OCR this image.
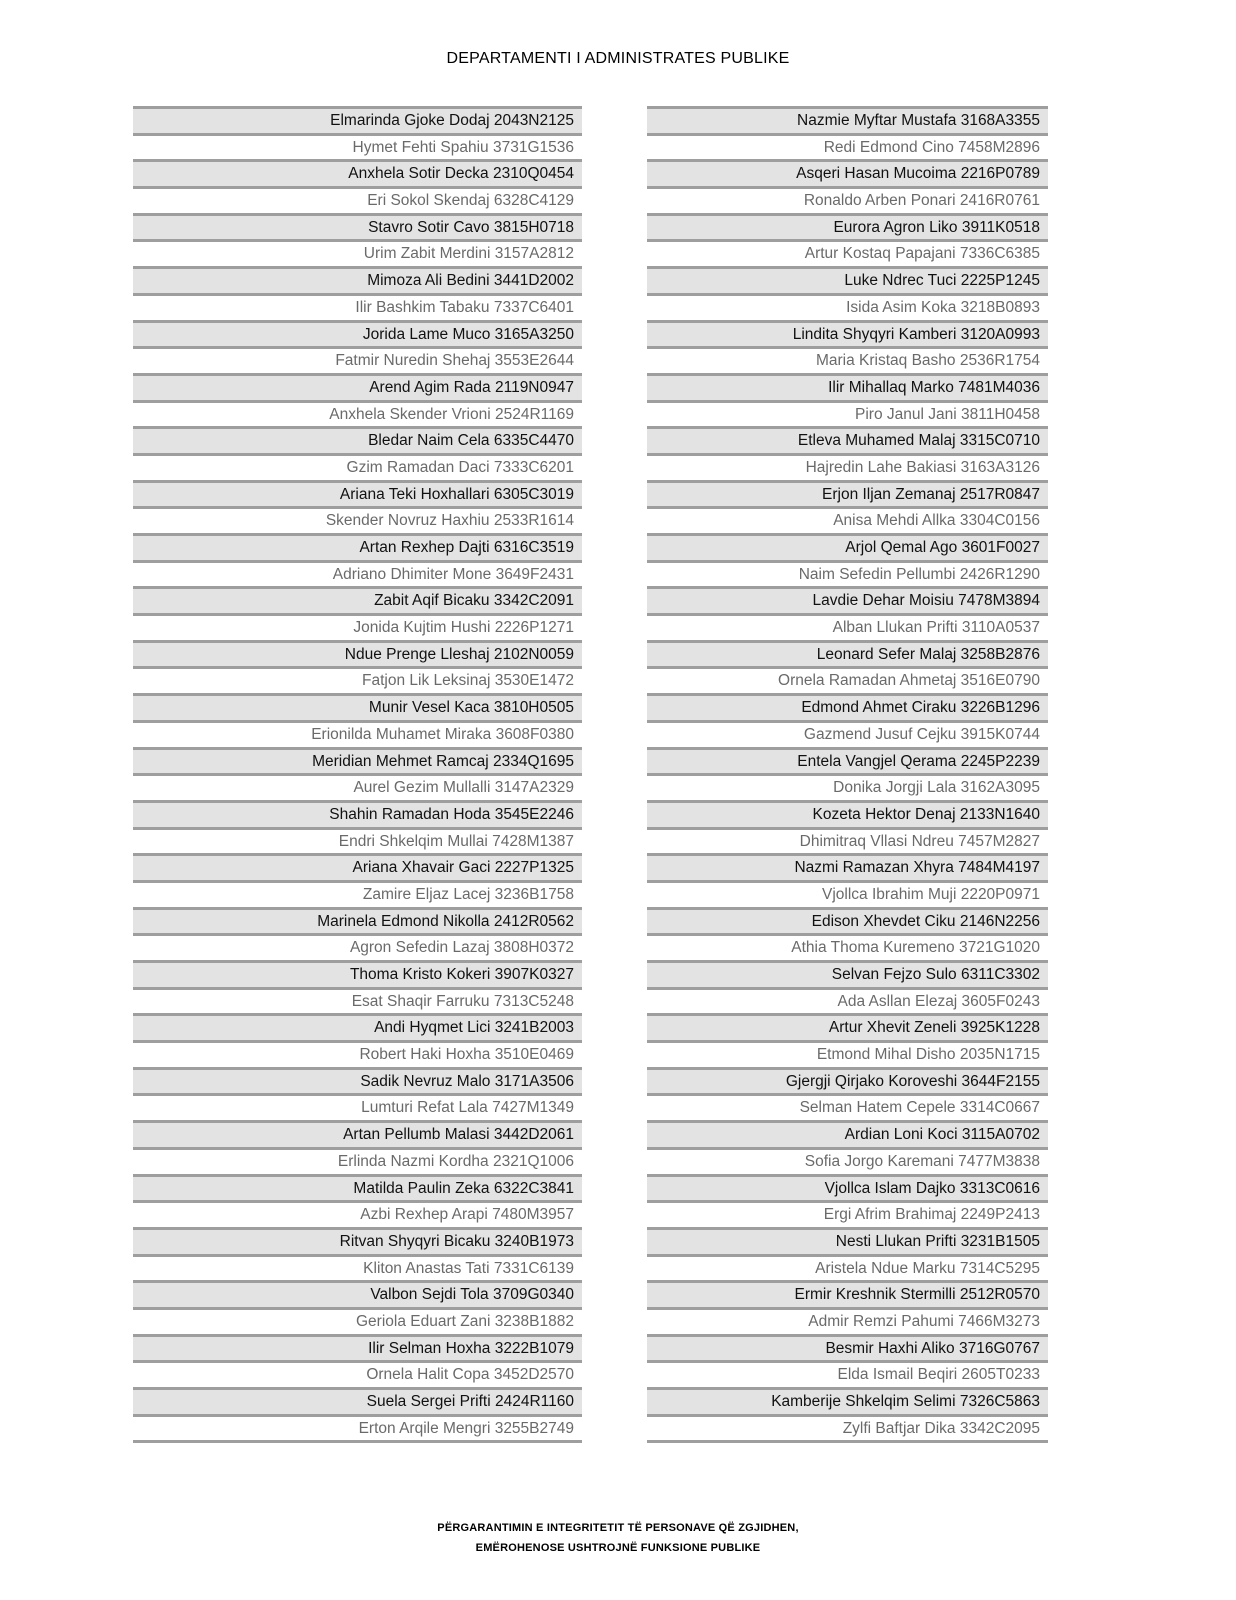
DEPARTAMENTI I ADMINISTRATES PUBLIKE
Elmarinda Gjoke Dodaj 2043N2125
Hymet Fehti Spahiu 3731G1536
Anxhela Sotir Decka 2310Q0454
Eri Sokol Skendaj 6328C4129
Stavro Sotir Cavo 3815H0718
Urim Zabit Merdini 3157A2812
Mimoza Ali Bedini 3441D2002
Ilir Bashkim Tabaku 7337C6401
Jorida Lame Muco 3165A3250
Fatmir Nuredin Shehaj 3553E2644
Arend Agim Rada 2119N0947
Anxhela Skender Vrioni 2524R1169
Bledar Naim Cela 6335C4470
Gzim Ramadan Daci 7333C6201
Ariana Teki Hoxhallari 6305C3019
Skender Novruz Haxhiu 2533R1614
Artan Rexhep Dajti 6316C3519
Adriano Dhimiter Mone 3649F2431
Zabit Aqif Bicaku 3342C2091
Jonida Kujtim Hushi 2226P1271
Ndue Prenge Lleshaj 2102N0059
Fatjon Lik Leksinaj 3530E1472
Munir Vesel Kaca 3810H0505
Erionilda Muhamet Miraka 3608F0380
Meridian Mehmet Ramcaj 2334Q1695
Aurel Gezim Mullalli 3147A2329
Shahin Ramadan Hoda 3545E2246
Endri Shkelqim Mullai 7428M1387
Ariana Xhavair Gaci 2227P1325
Zamire Eljaz Lacej 3236B1758
Marinela Edmond Nikolla 2412R0562
Agron Sefedin Lazaj 3808H0372
Thoma Kristo Kokeri 3907K0327
Esat Shaqir Farruku 7313C5248
Andi Hyqmet Lici 3241B2003
Robert Haki Hoxha 3510E0469
Sadik Nevruz Malo 3171A3506
Lumturi Refat Lala 7427M1349
Artan Pellumb Malasi 3442D2061
Erlinda Nazmi Kordha 2321Q1006
Matilda Paulin Zeka 6322C3841
Azbi Rexhep Arapi 7480M3957
Ritvan Shyqyri Bicaku 3240B1973
Kliton Anastas Tati 7331C6139
Valbon Sejdi Tola 3709G0340
Geriola Eduart Zani 3238B1882
Ilir Selman Hoxha 3222B1079
Ornela Halit Copa 3452D2570
Suela Sergei Prifti 2424R1160
Erton Arqile Mengri 3255B2749
Nazmie Myftar Mustafa 3168A3355
Redi Edmond Cino 7458M2896
Asqeri Hasan Mucoima 2216P0789
Ronaldo Arben Ponari 2416R0761
Eurora Agron Liko 3911K0518
Artur Kostaq Papajani 7336C6385
Luke Ndrec Tuci 2225P1245
Isida Asim Koka 3218B0893
Lindita Shyqyri Kamberi 3120A0993
Maria Kristaq Basho 2536R1754
Ilir Mihallaq Marko 7481M4036
Piro Janul Jani 3811H0458
Etleva Muhamed Malaj 3315C0710
Hajredin Lahe Bakiasi 3163A3126
Erjon Iljan Zemanaj 2517R0847
Anisa Mehdi Allka 3304C0156
Arjol Qemal Ago 3601F0027
Naim Sefedin Pellumbi 2426R1290
Lavdie Dehar Moisiu 7478M3894
Alban Llukan Prifti 3110A0537
Leonard Sefer Malaj 3258B2876
Ornela Ramadan Ahmetaj 3516E0790
Edmond Ahmet Ciraku 3226B1296
Gazmend Jusuf Cejku 3915K0744
Entela Vangjel Qerama 2245P2239
Donika Jorgji Lala 3162A3095
Kozeta Hektor Denaj 2133N1640
Dhimitraq Vllasi Ndreu 7457M2827
Nazmi Ramazan Xhyra 7484M4197
Vjollca Ibrahim Muji 2220P0971
Edison Xhevdet Ciku 2146N2256
Athia Thoma Kuremeno 3721G1020
Selvan Fejzo Sulo 6311C3302
Ada Asllan Elezaj 3605F0243
Artur Xhevit Zeneli 3925K1228
Etmond Mihal Disho 2035N1715
Gjergji Qirjako Koroveshi 3644F2155
Selman Hatem Cepele 3314C0667
Ardian Loni Koci 3115A0702
Sofia Jorgo Karemani 7477M3838
Vjollca Islam Dajko 3313C0616
Ergi Afrim Brahimaj 2249P2413
Nesti Llukan Prifti 3231B1505
Aristela Ndue Marku 7314C5295
Ermir Kreshnik Stermilli 2512R0570
Admir Remzi Pahumi 7466M3273
Besmir Haxhi Aliko 3716G0767
Elda Ismail Beqiri 2605T0233
Kamberije Shkelqim Selimi 7326C5863
Zylfi Baftjar Dika 3342C2095
PËRGARANTIMIN E INTEGRITETIT TË PERSONAVE QË ZGJIDHEN,
EMËROHENOSE USHTROJNË FUNKSIONE PUBLIKE
